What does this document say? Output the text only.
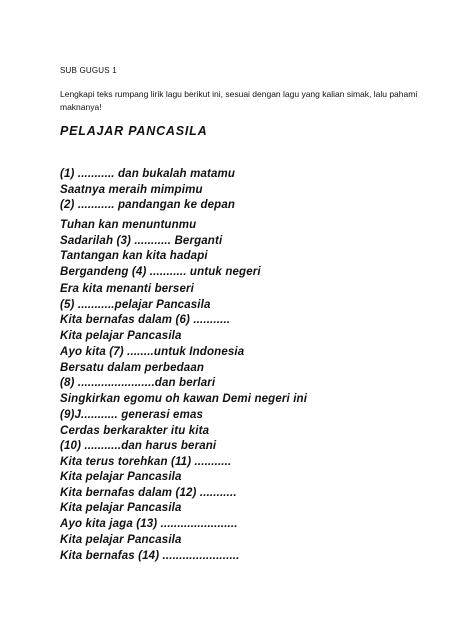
SUB GUGUS 1
Lengkapi teks rumpang lirik lagu berikut ini, sesuai dengan lagu yang kalian simak, lalu pahami maknanya!
PELAJAR PANCASILA
(1) ........... dan bukalah matamu
Saatnya meraih mimpimu
(2) ........... pandangan ke depan
Tuhan kan menuntunmu
Sadarilah (3) ........... Berganti
Tantangan kan kita hadapi
Bergandeng (4) ........... untuk negeri
Era kita menanti berseri
(5) ...........pelajar Pancasila
Kita bernafas dalam (6) ...........
Kita pelajar Pancasila
Ayo kita (7) ........untuk Indonesia
Bersatu dalam perbedaan
(8) .......................dan berlari
Singkirkan egomu oh kawan Demi negeri ini
(9)J........... generasi emas
Cerdas berkarakter itu kita
(10) ...........dan harus berani
Kita terus torehkan (11) ...........
Kita pelajar Pancasila
Kita bernafas dalam (12) ...........
Kita pelajar Pancasila
Ayo kita jaga (13) .......................
Kita pelajar Pancasila
Kita bernafas (14) .......................
